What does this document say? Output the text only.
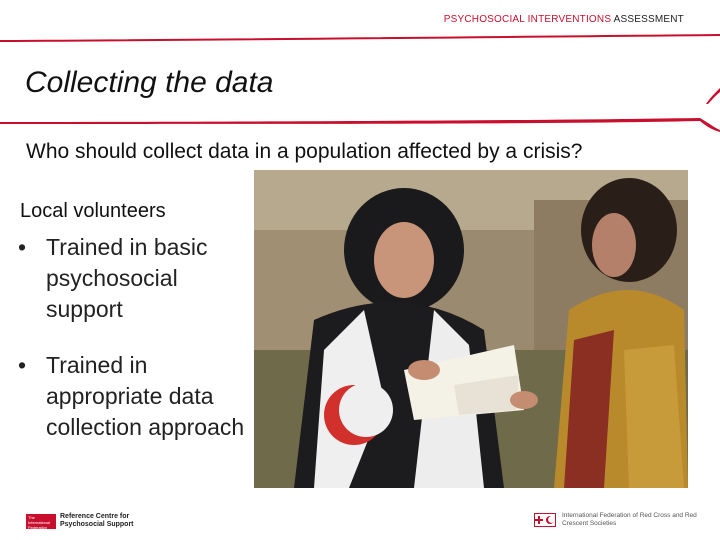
PSYCHOSOCIAL INTERVENTIONS ASSESSMENT
Collecting the data
Who should collect data in a population affected by a crisis?
Local volunteers
• Trained in basic psychosocial support
• Trained in appropriate data collection approach
The International Federation
Reference Centre for Psychosocial Support
International Federation of Red Cross and Red Crescent Societies
